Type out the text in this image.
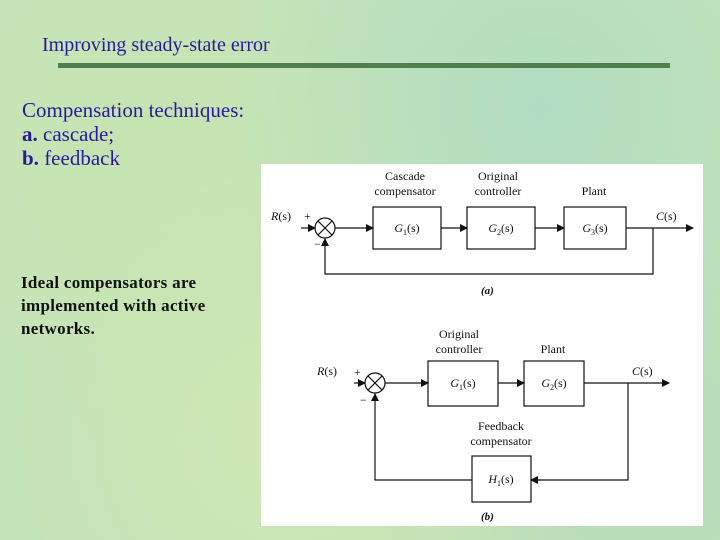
Improving steady-state error
Compensation techniques:
a. cascade;
b. feedback
Ideal compensators are implemented with active networks.
Cascade
compensator
Original
controller	Plant
R(s) +
−
$G_1(s)$	$G_2(s)$	$G_3(s)$
C(s)
(a)
Original
controller	Plant
R(s) +
−
$G_1(s)$	$G_2(s)$
C(s)
Feedback
compensator
$H_1(s)$
(b)
